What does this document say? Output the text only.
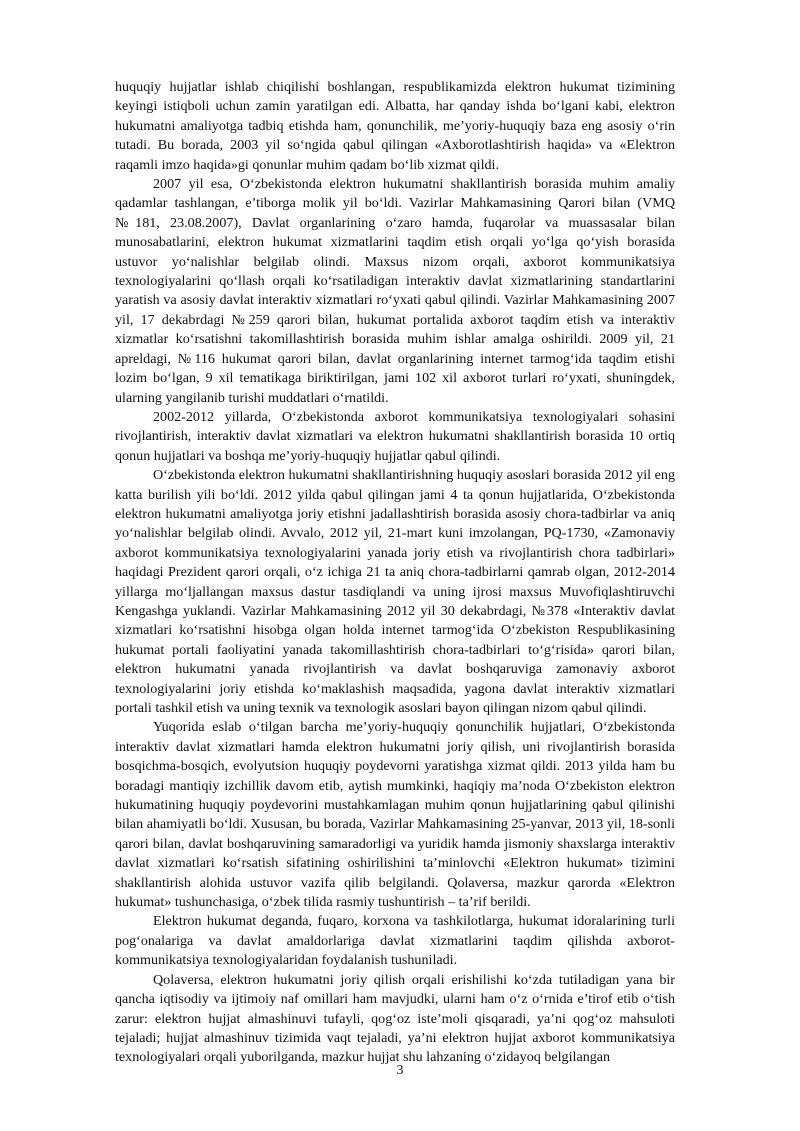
huquqiy hujjatlar ishlab chiqilishi boshlangan, respublikamizda elektron hukumat tizimining keyingi istiqboli uchun zamin yaratilgan edi. Albatta, har qanday ishda bo‘lgani kabi, elektron hukumatni amaliyotga tadbiq etishda ham, qonunchilik, me’yoriy-huquqiy baza eng asosiy o‘rin tutadi. Bu borada, 2003 yil so‘ngida qabul qilingan «Axborotlashtirish haqida» va «Elektron raqamli imzo haqida»gi qonunlar muhim qadam bo‘lib xizmat qildi.

2007 yil esa, O‘zbekistonda elektron hukumatni shakllantirish borasida muhim amaliy qadamlar tashlangan, e’tiborga molik yil bo‘ldi. Vazirlar Mahkamasining Qarori bilan (VMQ №181, 23.08.2007), Davlat organlarining o‘zaro hamda, fuqarolar va muassasalar bilan munosabatlarini, elektron hukumat xizmatlarini taqdim etish orqali yo‘lga qo‘yish borasida ustuvor yo‘nalishlar belgilab olindi. Maxsus nizom orqali, axborot kommunikatsiya texnologiyalarini qo‘llash orqali ko‘rsatiladigan interaktiv davlat xizmatlarining standartlarini yaratish va asosiy davlat interaktiv xizmatlari ro‘yxati qabul qilindi. Vazirlar Mahkamasining 2007 yil, 17 dekabrdagi №259 qarori bilan, hukumat portalida axborot taqdim etish va interaktiv xizmatlar ko‘rsatishni takomillashtirish borasida muhim ishlar amalga oshirildi. 2009 yil, 21 apreldagi, №116 hukumat qarori bilan, davlat organlarining internet tarmog‘ida taqdim etishi lozim bo‘lgan, 9 xil tematikaga biriktirilgan, jami 102 xil axborot turlari ro‘yxati, shuningdek, ularning yangilanib turishi muddatlari o‘rnatildi.

2002-2012 yillarda, O‘zbekistonda axborot kommunikatsiya texnologiyalari sohasini rivojlantirish, interaktiv davlat xizmatlari va elektron hukumatni shakllantirish borasida 10 ortiq qonun hujjatlari va boshqa me’yoriy-huquqiy hujjatlar qabul qilindi.

O‘zbekistonda elektron hukumatni shakllantirishning huquqiy asoslari borasida 2012 yil eng katta burilish yili bo‘ldi. 2012 yilda qabul qilingan jami 4 ta qonun hujjatlarida, O‘zbekistonda elektron hukumatni amaliyotga joriy etishni jadallashtirish borasida asosiy chora-tadbirlar va aniq yo‘nalishlar belgilab olindi. Avvalo, 2012 yil, 21-mart kuni imzolangan, PQ-1730, «Zamonaviy axborot kommunikatsiya texnologiyalarini yanada joriy etish va rivojlantirish chora tadbirlari» haqidagi Prezident qarori orqali, o‘z ichiga 21 ta aniq chora-tadbirlarni qamrab olgan, 2012-2014 yillarga mo‘ljallangan maxsus dastur tasdiqlandi va uning ijrosi maxsus Muvofiqlashtiruvchi Kengashga yuklandi. Vazirlar Mahkamasining 2012 yil 30 dekabrdagi, №378 «Interaktiv davlat xizmatlari ko‘rsatishni hisobga olgan holda internet tarmog‘ida O‘zbekiston Respublikasining hukumat portali faoliyatini yanada takomillashtirish chora-tadbirlari to‘g‘risida» qarori bilan, elektron hukumatni yanada rivojlantirish va davlat boshqaruviga zamonaviy axborot texnologiyalarini joriy etishda ko‘maklashish maqsadida, yagona davlat interaktiv xizmatlari portali tashkil etish va uning texnik va texnologik asoslari bayon qilingan nizom qabul qilindi.

Yuqorida eslab o‘tilgan barcha me’yoriy-huquqiy qonunchilik hujjatlari, O‘zbekistonda interaktiv davlat xizmatlari hamda elektron hukumatni joriy qilish, uni rivojlantirish borasida bosqichma-bosqich, evolyutsion huquqiy poydevorni yaratishga xizmat qildi. 2013 yilda ham bu boradagi mantiqiy izchillik davom etib, aytish mumkinki, haqiqiy ma’noda O‘zbekiston elektron hukumatining huquqiy poydevorini mustahkamlagan muhim qonun hujjatlarining qabul qilinishi bilan ahamiyatli bo‘ldi. Xususan, bu borada, Vazirlar Mahkamasining 25-yanvar, 2013 yil, 18-sonli qarori bilan, davlat boshqaruvining samaradorligi va yuridik hamda jismoniy shaxslarga interaktiv davlat xizmatlari ko‘rsatish sifatining oshirilishini ta’minlovchi «Elektron hukumat» tizimini shakllantirish alohida ustuvor vazifa qilib belgilandi. Qolaversa, mazkur qarorda «Elektron hukumat» tushunchasiga, o‘zbek tilida rasmiy tushuntirish – ta’rif berildi.

Elektron hukumat deganda, fuqaro, korxona va tashkilotlarga, hukumat idoralarining turli pog‘onalariga va davlat amaldorlariga davlat xizmatlarini taqdim qilishda axborot-kommunikatsiya texnologiyalaridan foydalanish tushuniladi.

Qolaversa, elektron hukumatni joriy qilish orqali erishilishi ko‘zda tutiladigan yana bir qancha iqtisodiy va ijtimoiy naf omillari ham mavjudki, ularni ham o‘z o‘rnida e’tirof etib o‘tish zarur: elektron hujjat almashinuvi tufayli, qog‘oz iste’moli qisqaradi, ya’ni qog‘oz mahsuloti tejaladi; hujjat almashinuv tizimida vaqt tejaladi, ya’ni elektron hujjat axborot kommunikatsiya texnologiyalari orqali yuborilganda, mazkur hujjat shu lahzaning o‘zidayoq belgilangan

3
